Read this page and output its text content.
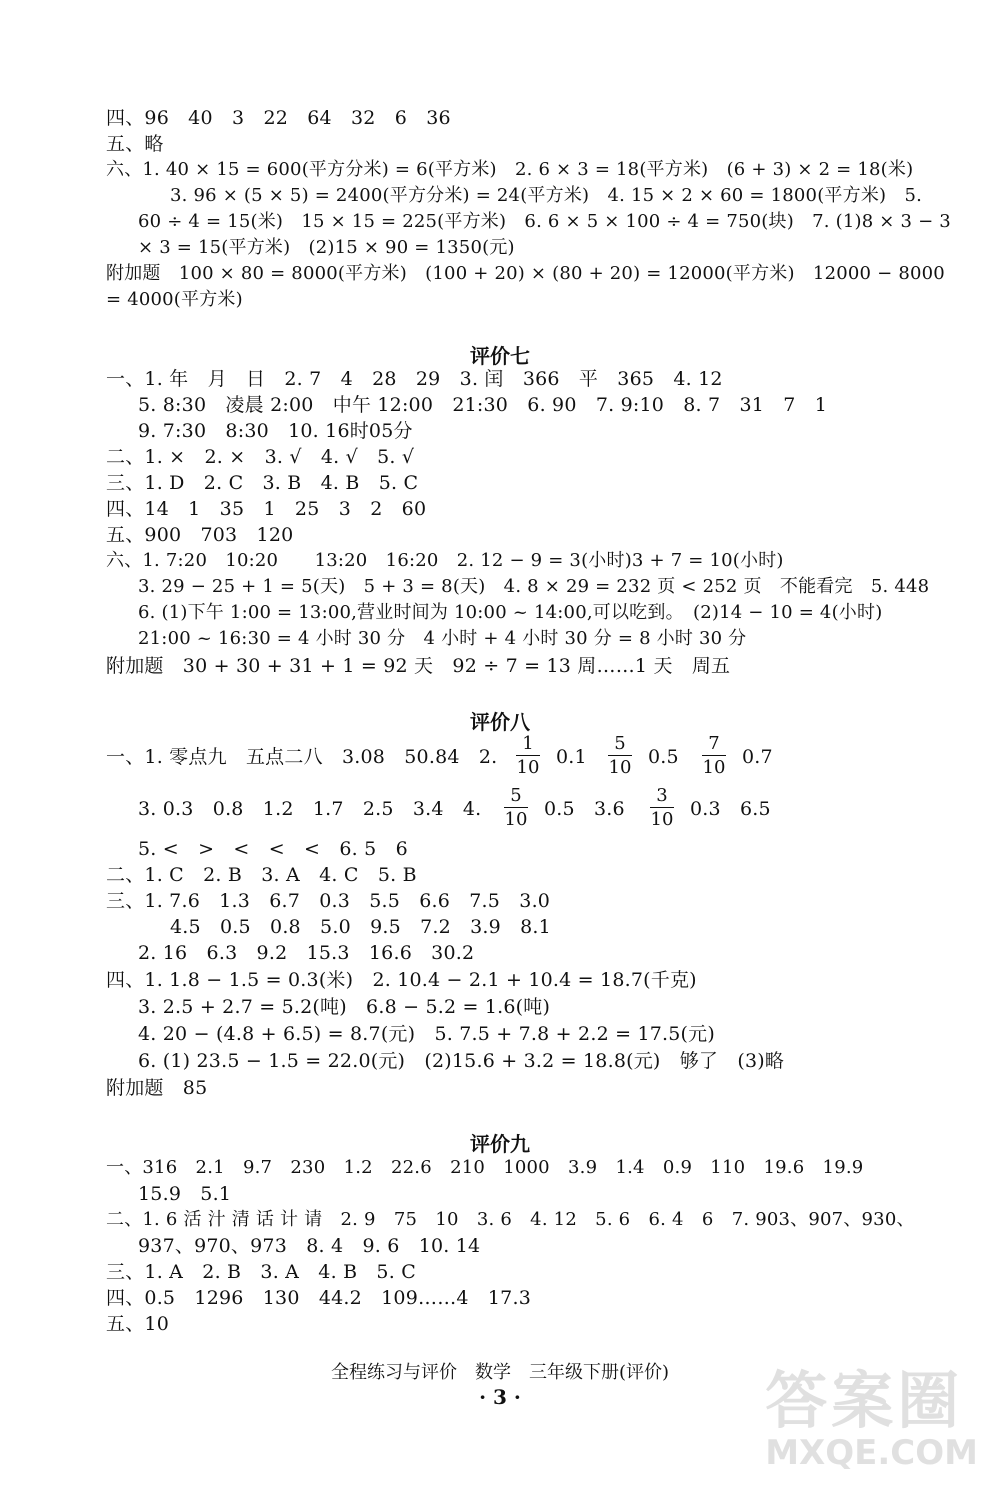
四、96　40　3　22　64　32　6　36
五、略
六、1. 40 × 15 = 600(平方分米) = 6(平方米)　2. 6 × 3 = 18(平方米)　(6 + 3) × 2 = 18(米)
3. 96 × (5 × 5) = 2400(平方分米) = 24(平方米)　4. 15 × 2 × 60 = 1800(平方米)　5.
60 ÷ 4 = 15(米)　15 × 15 = 225(平方米)　6. 6 × 5 × 100 ÷ 4 = 750(块)　7. (1)8 × 3 − 3
× 3 = 15(平方米)　(2)15 × 90 = 1350(元)
附加题　100 × 80 = 8000(平方米)　(100 + 20) × (80 + 20) = 12000(平方米)　12000 − 8000
= 4000(平方米)
评价七
一、1. 年　月　日　2. 7　4　28　29　3. 闰　366　平　365　4. 12
5. 8:30　凌晨 2:00　中午 12:00　21:30　6. 90　7. 9:10　8. 7　31　7　1
9. 7:30　8:30　10. 16时05分
二、1. ×　2. ×　3. √　4. √　5. √
三、1. D　2. C　3. B　4. B　5. C
四、14　1　35　1　25　3　2　60
五、900　703　120
六、1. 7:20　10:20　　13:20　16:20　2. 12 − 9 = 3(小时)3 + 7 = 10(小时)
3. 29 − 25 + 1 = 5(天)　5 + 3 = 8(天)　4. 8 × 29 = 232 页 < 252 页　不能看完　5. 448
6. (1)下午 1:00 = 13:00,营业时间为 10:00 ~ 14:00,可以吃到。　(2)14 − 10 = 4(小时)
21:00 ~ 16:30 = 4 小时 30 分　4 小时 + 4 小时 30 分 = 8 小时 30 分
附加题　30 + 30 + 31 + 1 = 92 天　92 ÷ 7 = 13 周……1 天　周五
评价八
一、1. 零点九　五点二八　3.08　50.84　2.
1
10 0.1
5
10 0.5
7
10 0.7
3. 0.3　0.8　1.2　1.7　2.5　3.4　4.
5
10 0.5　3.6
3
10 0.3　6.5
5. <　>　<　<　<　6. 5　6
二、1. C　2. B　3. A　4. C　5. B
三、1. 7.6　1.3　6.7　0.3　5.5　6.6　7.5　3.0
4.5　0.5　0.8　5.0　9.5　7.2　3.9　8.1
2. 16　6.3　9.2　15.3　16.6　30.2
四、1. 1.8 − 1.5 = 0.3(米)　2. 10.4 − 2.1 + 10.4 = 18.7(千克)
3. 2.5 + 2.7 = 5.2(吨)　6.8 − 5.2 = 1.6(吨)
4. 20 − (4.8 + 6.5) = 8.7(元)　5. 7.5 + 7.8 + 2.2 = 17.5(元)
6. (1) 23.5 − 1.5 = 22.0(元)　(2)15.6 + 3.2 = 18.8(元)　够了　(3)略
附加题　85
评价九
一、316　2.1　9.7　230　1.2　22.6　210　1000　3.9　1.4　0.9　110　19.6　19.9
15.9　5.1
二、1. 6 活 汁 清 话 计 请　2. 9　75　10　3. 6　4. 12　5. 6　6. 4　6　7. 903、907、930、
937、970、973　8. 4　9. 6　10. 14
三、1. A　2. B　3. A　4. B　5. C
四、0.5　1296　130　44.2　109……4　17.3
五、10
全程练习与评价　数学　三年级下册(评价)
· 3 ·	答案圈
MXQE.COM
